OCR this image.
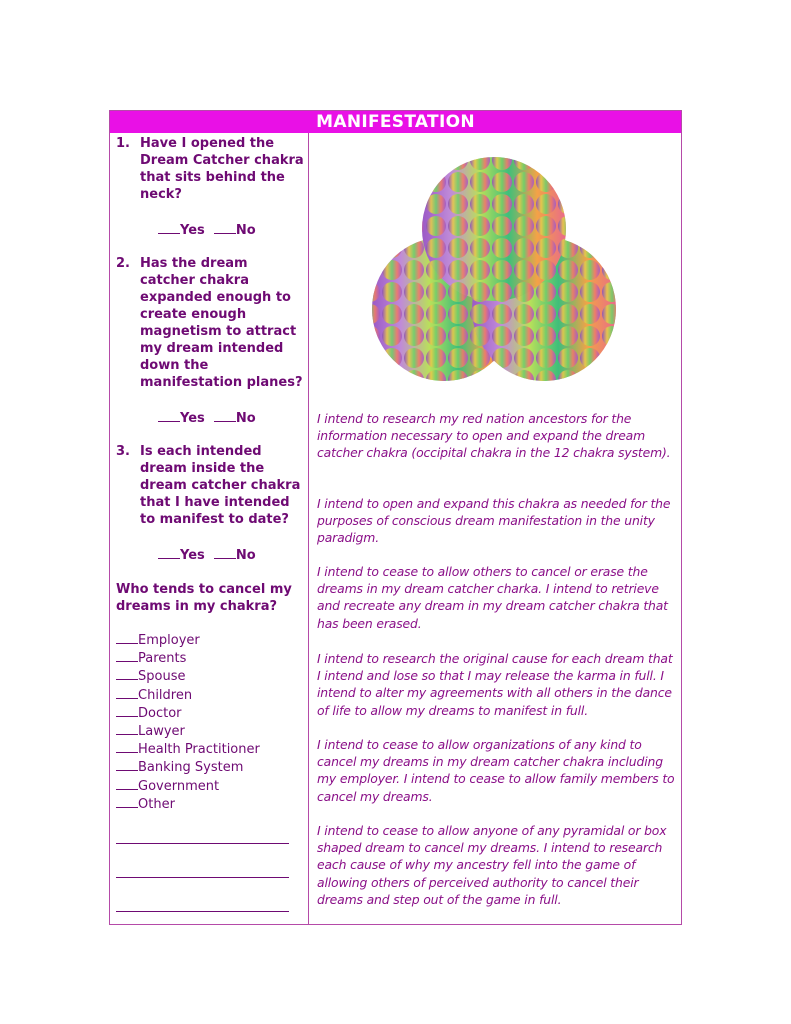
MANIFESTATION
1. Have I opened the Dream Catcher chakra that sits behind the neck?
Yes No
2. Has the dream catcher chakra expanded enough to create enough magnetism to attract my dream intended down the manifestation planes?
Yes No
3. Is each intended dream inside the dream catcher chakra that I have intended to manifest to date?
Yes No
Who tends to cancel my dreams in my chakra?
Employer
Parents
Spouse
Children
Doctor
Lawyer
Health Practitioner
Banking System
Government
Other
I intend to research my red nation ancestors for the information necessary to open and expand the dream catcher chakra (occipital chakra in the 12 chakra system).
I intend to open and expand this chakra as needed for the purposes of conscious dream manifestation in the unity paradigm.
I intend to cease to allow others to cancel or erase the dreams in my dream catcher charka. I intend to retrieve and recreate any dream in my dream catcher chakra that has been erased.
I intend to research the original cause for each dream that I intend and lose so that I may release the karma in full. I intend to alter my agreements with all others in the dance of life to allow my dreams to manifest in full.
I intend to cease to allow organizations of any kind to cancel my dreams in my dream catcher chakra including my employer. I intend to cease to allow family members to cancel my dreams.
I intend to cease to allow anyone of any pyramidal or box shaped dream to cancel my dreams. I intend to research each cause of why my ancestry fell into the game of allowing others of perceived authority to cancel their dreams and step out of the game in full.
